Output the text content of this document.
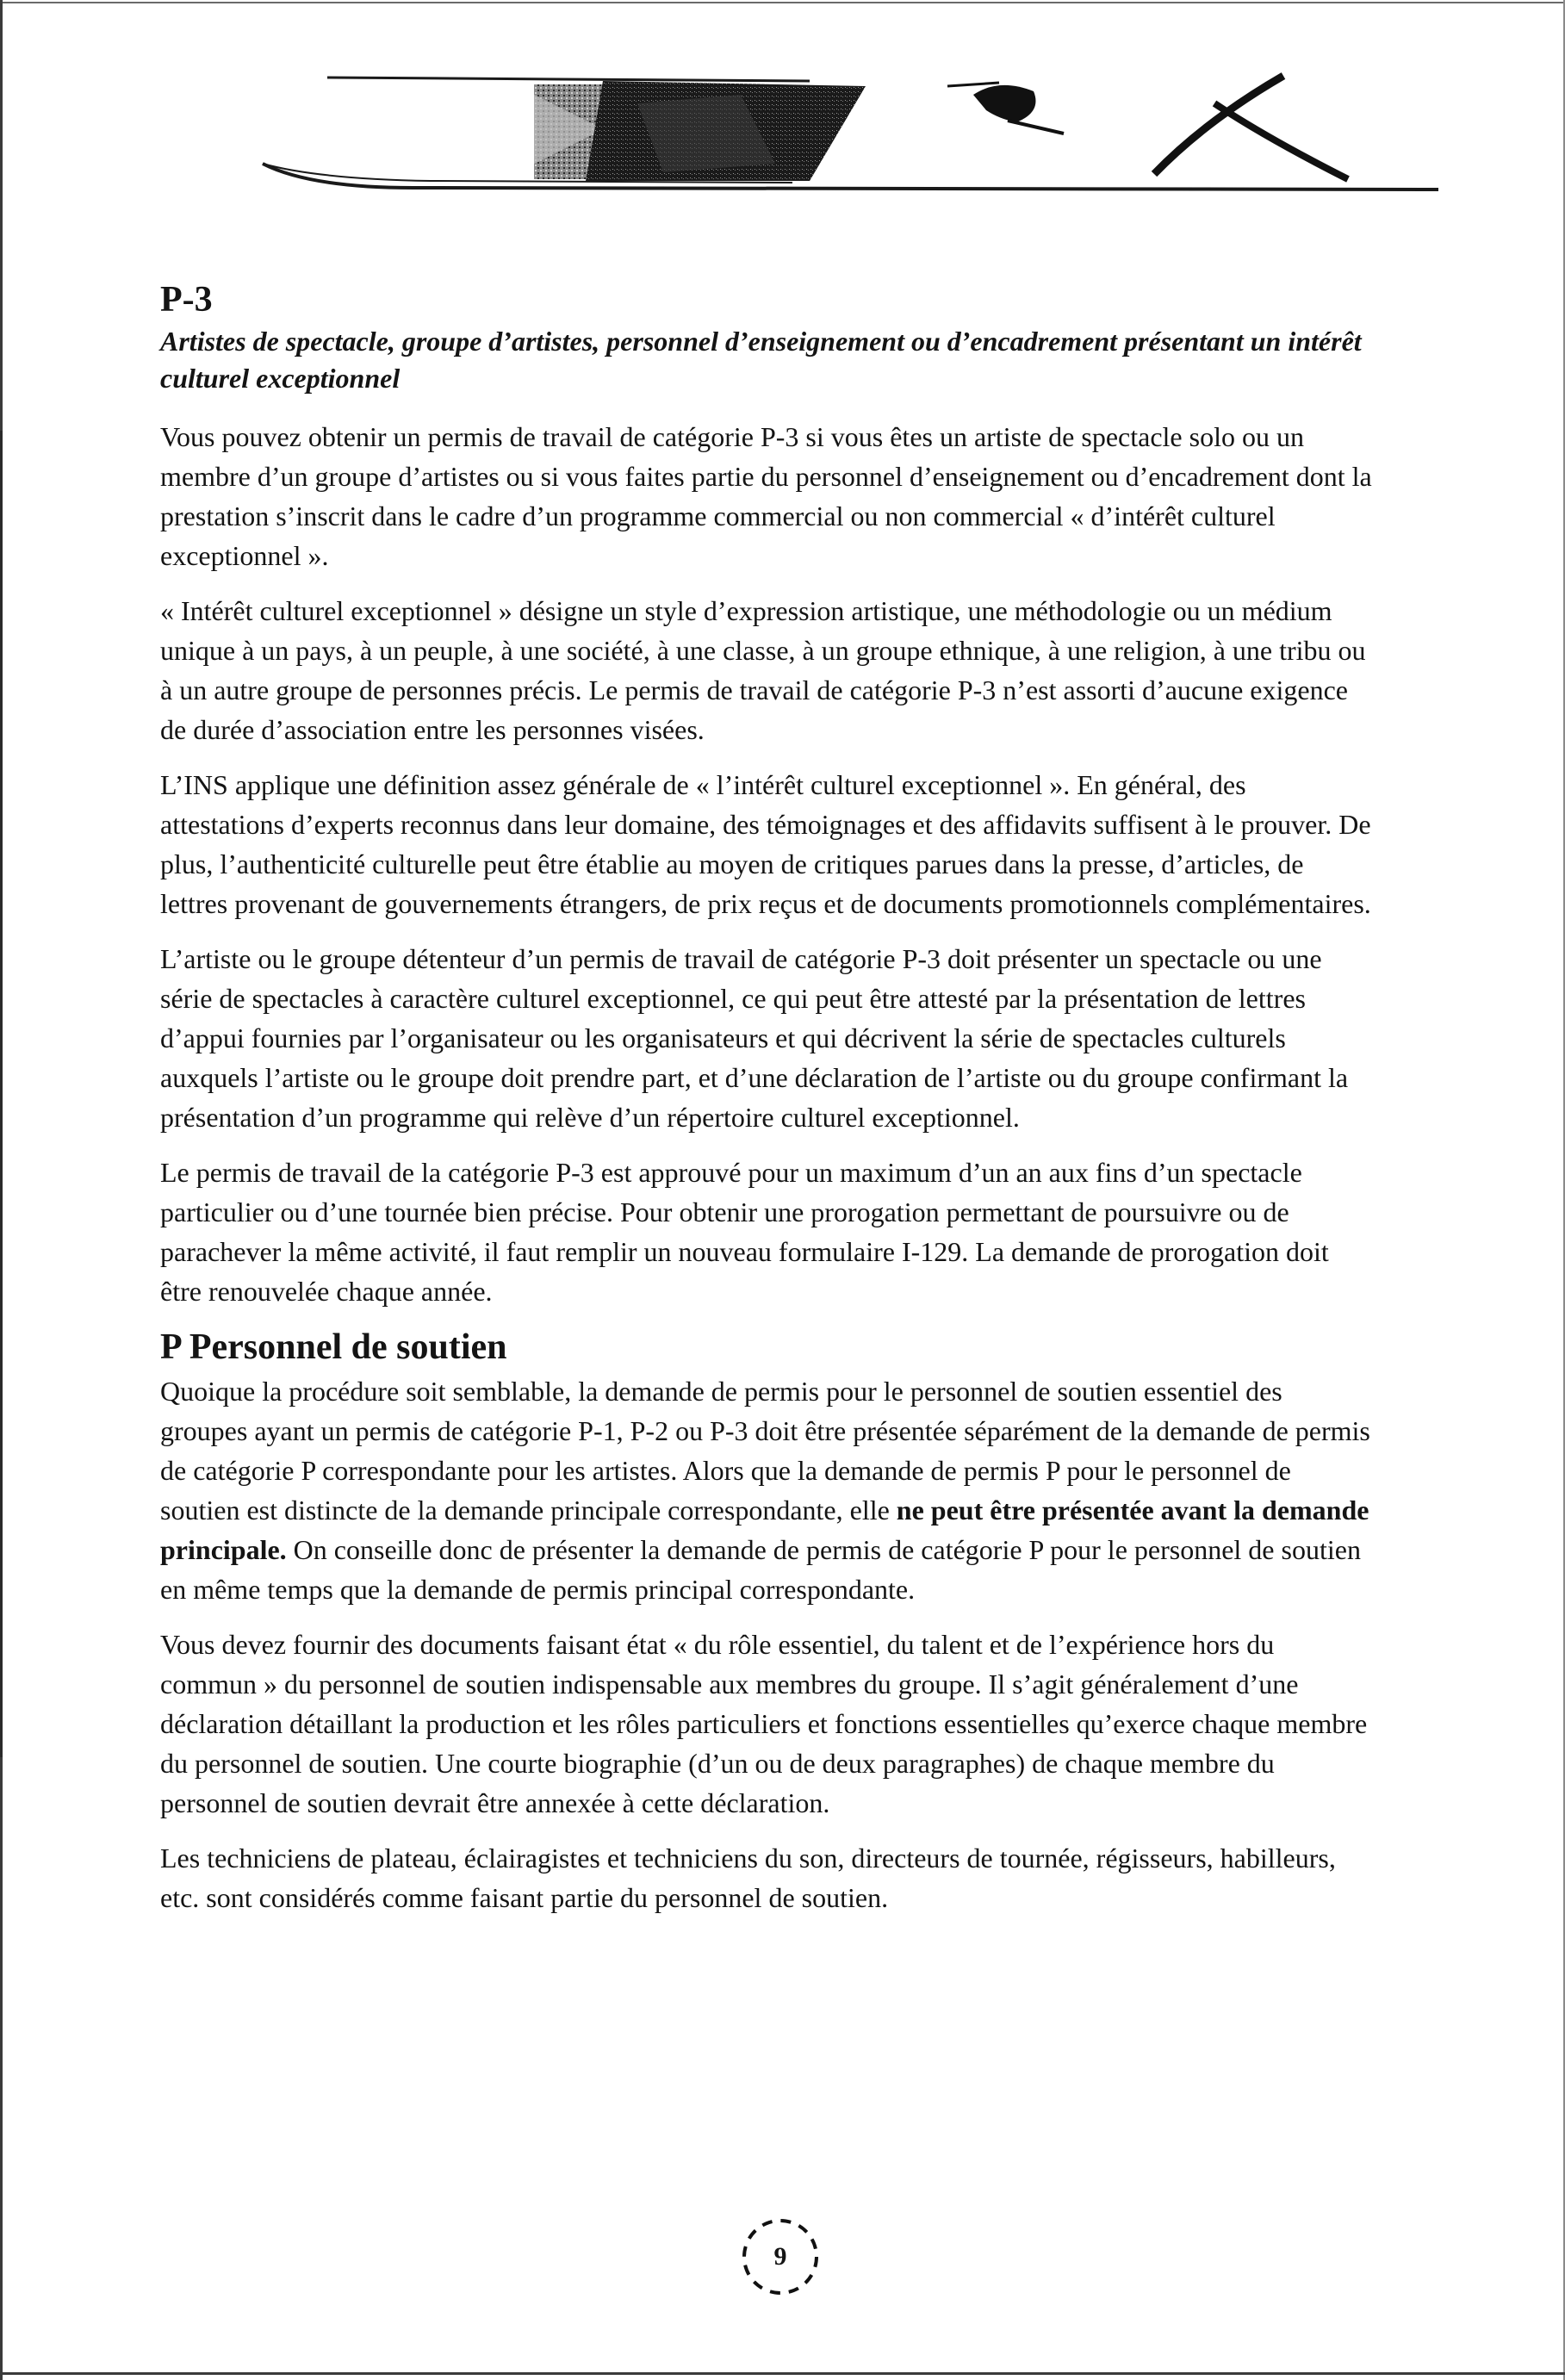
P-3
Artistes de spectacle, groupe d’artistes, personnel d’enseignement ou d’encadrement présentant un intérêt culturel exceptionnel

Vous pouvez obtenir un permis de travail de catégorie P-3 si vous êtes un artiste de spectacle solo ou un membre d’un groupe d’artistes ou si vous faites partie du personnel d’enseignement ou d’encadrement dont la prestation s’inscrit dans le cadre d’un programme commercial ou non commercial « d’intérêt culturel exceptionnel ».

« Intérêt culturel exceptionnel » désigne un style d’expression artistique, une méthodologie ou un médium unique à un pays, à un peuple, à une société, à une classe, à un groupe ethnique, à une religion, à une tribu ou à un autre groupe de personnes précis. Le permis de travail de catégorie P-3 n’est assorti d’aucune exigence de durée d’association entre les personnes visées.

L’INS applique une définition assez générale de « l’intérêt culturel exceptionnel ». En général, des attestations d’experts reconnus dans leur domaine, des témoignages et des affidavits suffisent à le prouver. De plus, l’authenticité culturelle peut être établie au moyen de critiques parues dans la presse, d’articles, de lettres provenant de gouvernements étrangers, de prix reçus et de documents promotionnels complémentaires.

L’artiste ou le groupe détenteur d’un permis de travail de catégorie P-3 doit présenter un spectacle ou une série de spectacles à caractère culturel exceptionnel, ce qui peut être attesté par la présentation de lettres d’appui fournies par l’organisateur ou les organisateurs et qui décrivent la série de spectacles culturels auxquels l’artiste ou le groupe doit prendre part, et d’une déclaration de l’artiste ou du groupe confirmant la présentation d’un programme qui relève d’un répertoire culturel exceptionnel.

Le permis de travail de la catégorie P-3 est approuvé pour un maximum d’un an aux fins d’un spectacle particulier ou d’une tournée bien précise. Pour obtenir une prorogation permettant de poursuivre ou de parachever la même activité, il faut remplir un nouveau formulaire I-129. La demande de prorogation doit être renouvelée chaque année.

P Personnel de soutien

Quoique la procédure soit semblable, la demande de permis pour le personnel de soutien essentiel des groupes ayant un permis de catégorie P-1, P-2 ou P-3 doit être présentée séparément de la demande de permis de catégorie P correspondante pour les artistes. Alors que la demande de permis P pour le personnel de soutien est distincte de la demande principale correspondante, elle ne peut être présentée avant la demande principale. On conseille donc de présenter la demande de permis de catégorie P pour le personnel de soutien en même temps que la demande de permis principal correspondante.

Vous devez fournir des documents faisant état « du rôle essentiel, du talent et de l’expérience hors du commun » du personnel de soutien indispensable aux membres du groupe. Il s’agit généralement d’une déclaration détaillant la production et les rôles particuliers et fonctions essentielles qu’exerce chaque membre du personnel de soutien. Une courte biographie (d’un ou de deux paragraphes) de chaque membre du personnel de soutien devrait être annexée à cette déclaration.

Les techniciens de plateau, éclairagistes et techniciens du son, directeurs de tournée, régisseurs, habilleurs, etc. sont considérés comme faisant partie du personnel de soutien.

9
